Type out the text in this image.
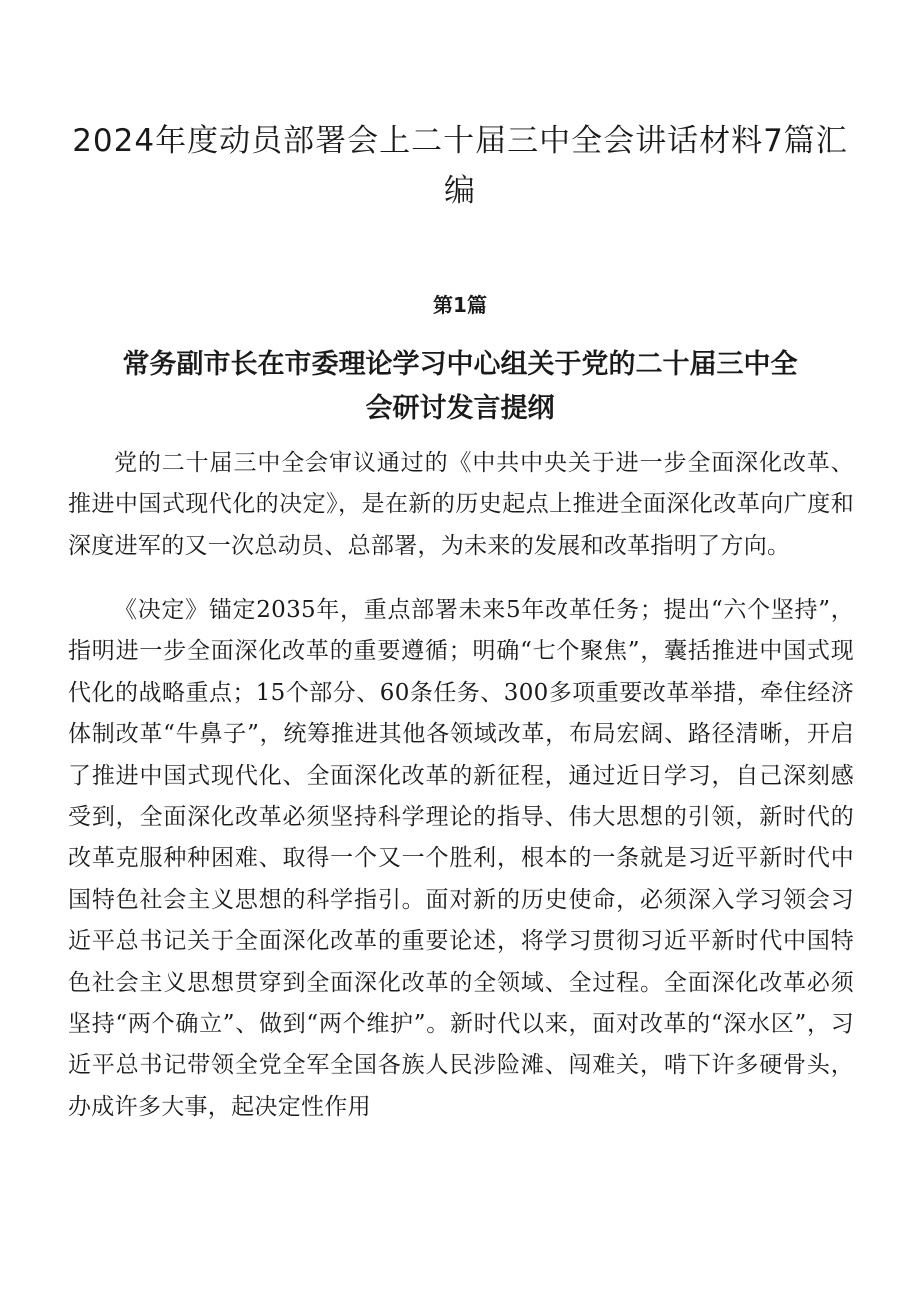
2024年度动员部署会上二十届三中全会讲话材料7篇汇编
第1篇
常务副市长在市委理论学习中心组关于党的二十届三中全会研讨发言提纲

党的二十届三中全会审议通过的《中共中央关于进一步全面深化改革、推进中国式现代化的决定》，是在新的历史起点上推进全面深化改革向广度和深度进军的又一次总动员、总部署，为未来的发展和改革指明了方向。

《决定》锚定2035年，重点部署未来5年改革任务；提出“六个坚持”，指明进一步全面深化改革的重要遵循；明确“七个聚焦”，囊括推进中国式现代化的战略重点；15个部分、60条任务、300多项重要改革举措，牵住经济体制改革“牛鼻子”，统筹推进其他各领域改革，布局宏阔、路径清晰，开启了推进中国式现代化、全面深化改革的新征程，通过近日学习，自己深刻感受到，全面深化改革必须坚持科学理论的指导、伟大思想的引领，新时代的改革克服种种困难、取得一个又一个胜利，根本的一条就是习近平新时代中国特色社会主义思想的科学指引。面对新的历史使命，必须深入学习领会习近平总书记关于全面深化改革的重要论述，将学习贯彻习近平新时代中国特色社会主义思想贯穿到全面深化改革的全领域、全过程。全面深化改革必须坚持“两个确立”、做到“两个维护”。新时代以来，面对改革的“深水区”，习近平总书记带领全党全军全国各族人民涉险滩、闯难关，啃下许多硬骨头，办成许多大事，起决定性作用
